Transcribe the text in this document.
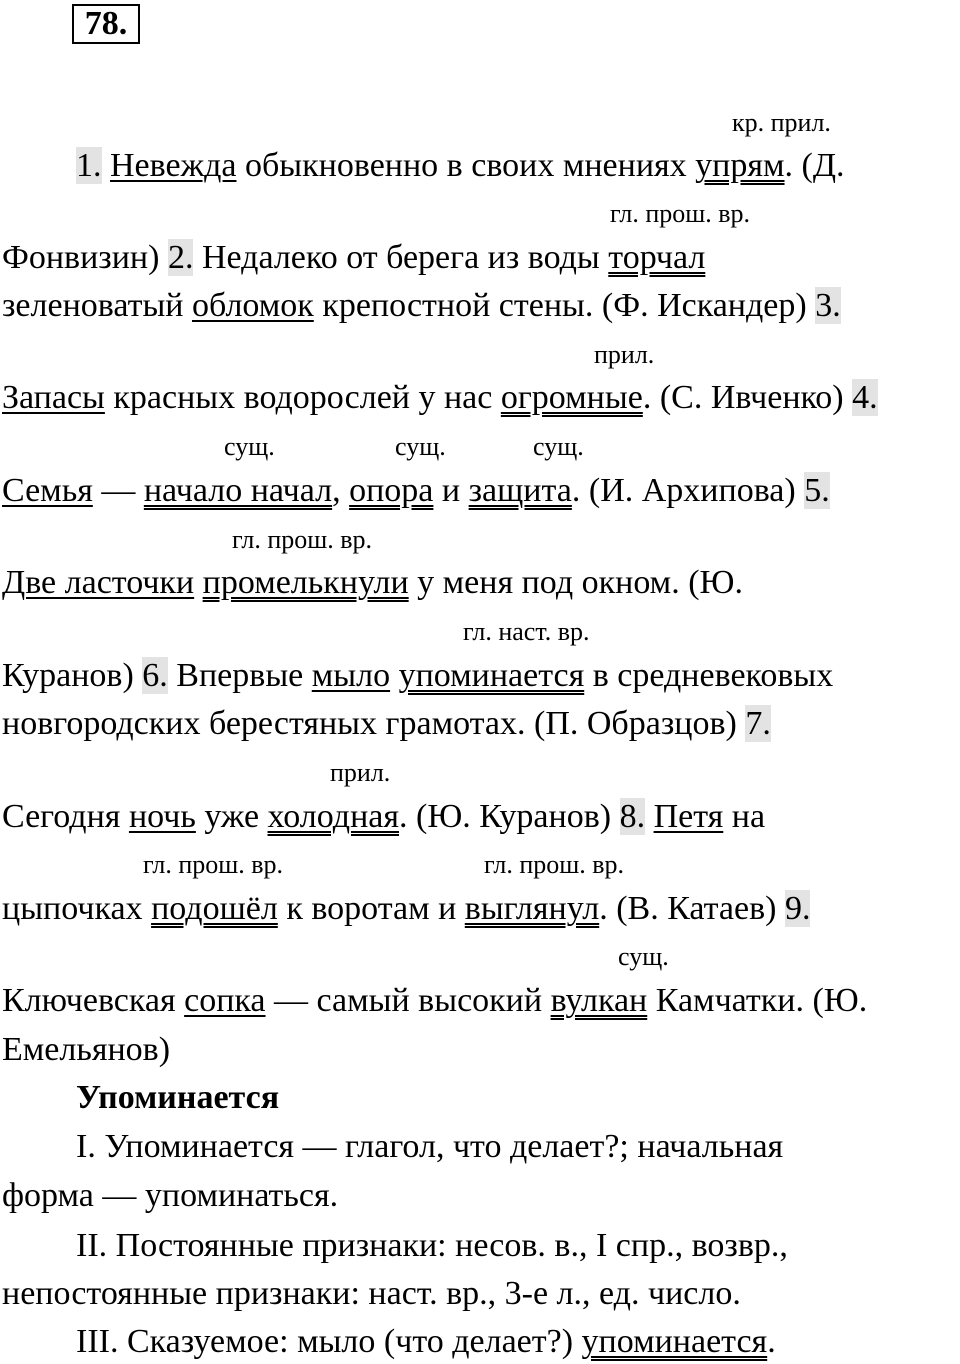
78.
кр. прил.
гл. прош. вр.
прил.
сущ.	сущ.	сущ.
гл. прош. вр.
гл. наст. вр.
прил.
гл. прош. вр.	гл. прош. вр.
сущ.
1. Невежда обыкновенно в своих мнениях упрям. (Д.
Фонвизин) 2. Недалеко от берега из воды торчал
зеленоватый обломок крепостной стены. (Ф. Искандер) 3.
Запасы красных водорослей у нас огромные. (С. Ивченко) 4.
Семья — начало начал, опора и защита. (И. Архипова) 5.
Две ласточки промелькнули у меня под окном. (Ю.
Куранов) 6. Впервые мыло упоминается в средневековых
новгородских берестяных грамотах. (П. Образцов) 7.
Сегодня ночь уже холодная. (Ю. Куранов) 8. Петя на
цыпочках подошёл к воротам и выглянул. (В. Катаев) 9.
Ключевская сопка — самый высокий вулкан Камчатки. (Ю.
Емельянов)
Упоминается
I. Упоминается — глагол, что делает?; начальная
форма — упоминаться.
II. Постоянные признаки: несов. в., I спр., возвр.,
непостоянные признаки: наст. вр., 3-е л., ед. число.
III. Сказуемое: мыло (что делает?) упоминается.
